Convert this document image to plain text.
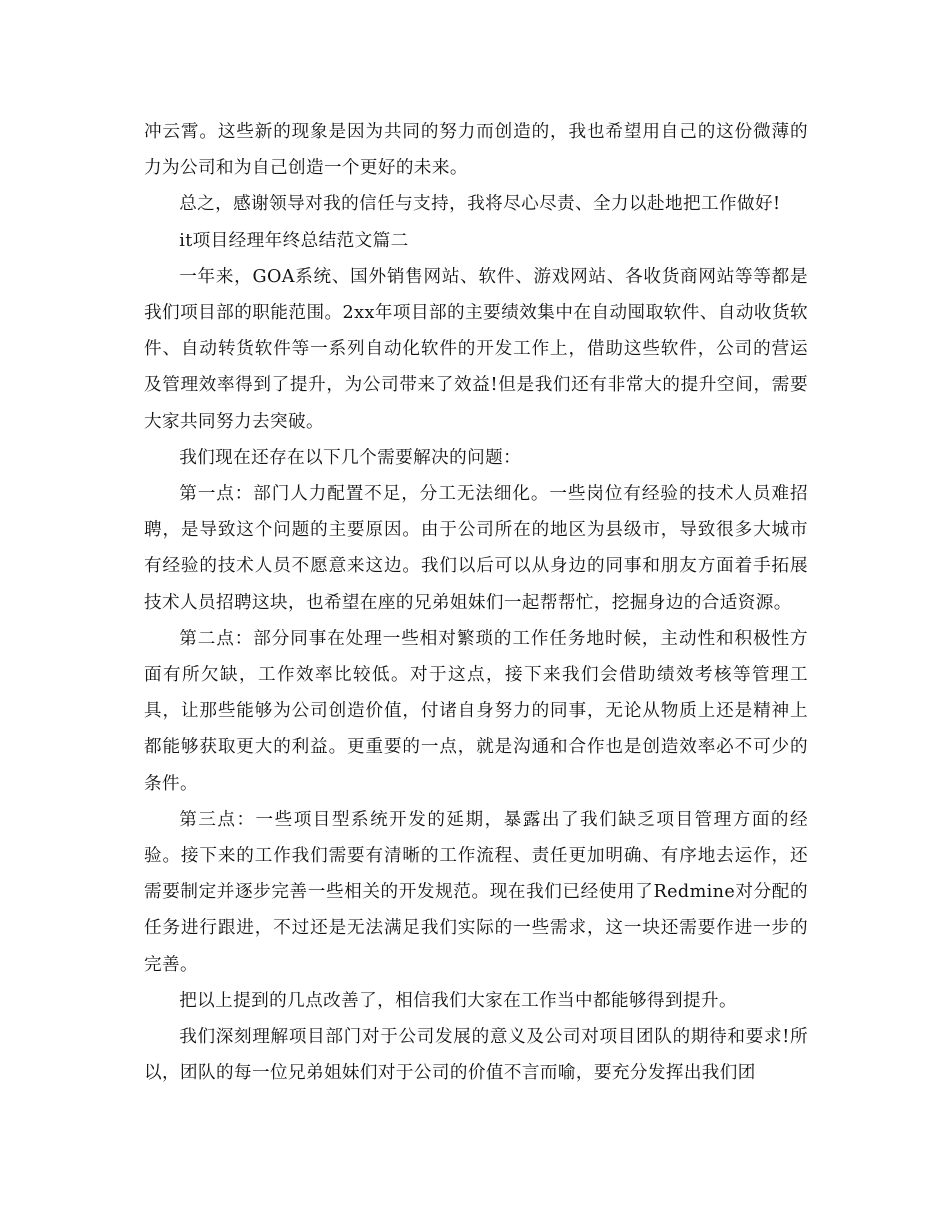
冲云霄。这些新的现象是因为共同的努力而创造的，我也希望用自己的这份微薄的力为公司和为自己创造一个更好的未来。

总之，感谢领导对我的信任与支持，我将尽心尽责、全力以赴地把工作做好!

it项目经理年终总结范文篇二

一年来，GOA系统、国外销售网站、软件、游戏网站、各收货商网站等等都是我们项目部的职能范围。2xx年项目部的主要绩效集中在自动囤取软件、自动收货软件、自动转货软件等一系列自动化软件的开发工作上，借助这些软件，公司的营运及管理效率得到了提升，为公司带来了效益!但是我们还有非常大的提升空间，需要大家共同努力去突破。

我们现在还存在以下几个需要解决的问题：

第一点：部门人力配置不足，分工无法细化。一些岗位有经验的技术人员难招聘，是导致这个问题的主要原因。由于公司所在的地区为县级市，导致很多大城市有经验的技术人员不愿意来这边。我们以后可以从身边的同事和朋友方面着手拓展技术人员招聘这块，也希望在座的兄弟姐妹们一起帮帮忙，挖掘身边的合适资源。

第二点：部分同事在处理一些相对繁琐的工作任务地时候，主动性和积极性方面有所欠缺，工作效率比较低。对于这点，接下来我们会借助绩效考核等管理工具，让那些能够为公司创造价值，付诸自身努力的同事，无论从物质上还是精神上都能够获取更大的利益。更重要的一点，就是沟通和合作也是创造效率必不可少的条件。

第三点：一些项目型系统开发的延期，暴露出了我们缺乏项目管理方面的经验。接下来的工作我们需要有清晰的工作流程、责任更加明确、有序地去运作，还需要制定并逐步完善一些相关的开发规范。现在我们已经使用了Redmine对分配的任务进行跟进，不过还是无法满足我们实际的一些需求，这一块还需要作进一步的完善。

把以上提到的几点改善了，相信我们大家在工作当中都能够得到提升。

我们深刻理解项目部门对于公司发展的意义及公司对项目团队的期待和要求!所以，团队的每一位兄弟姐妹们对于公司的价值不言而喻，要充分发挥出我们团
